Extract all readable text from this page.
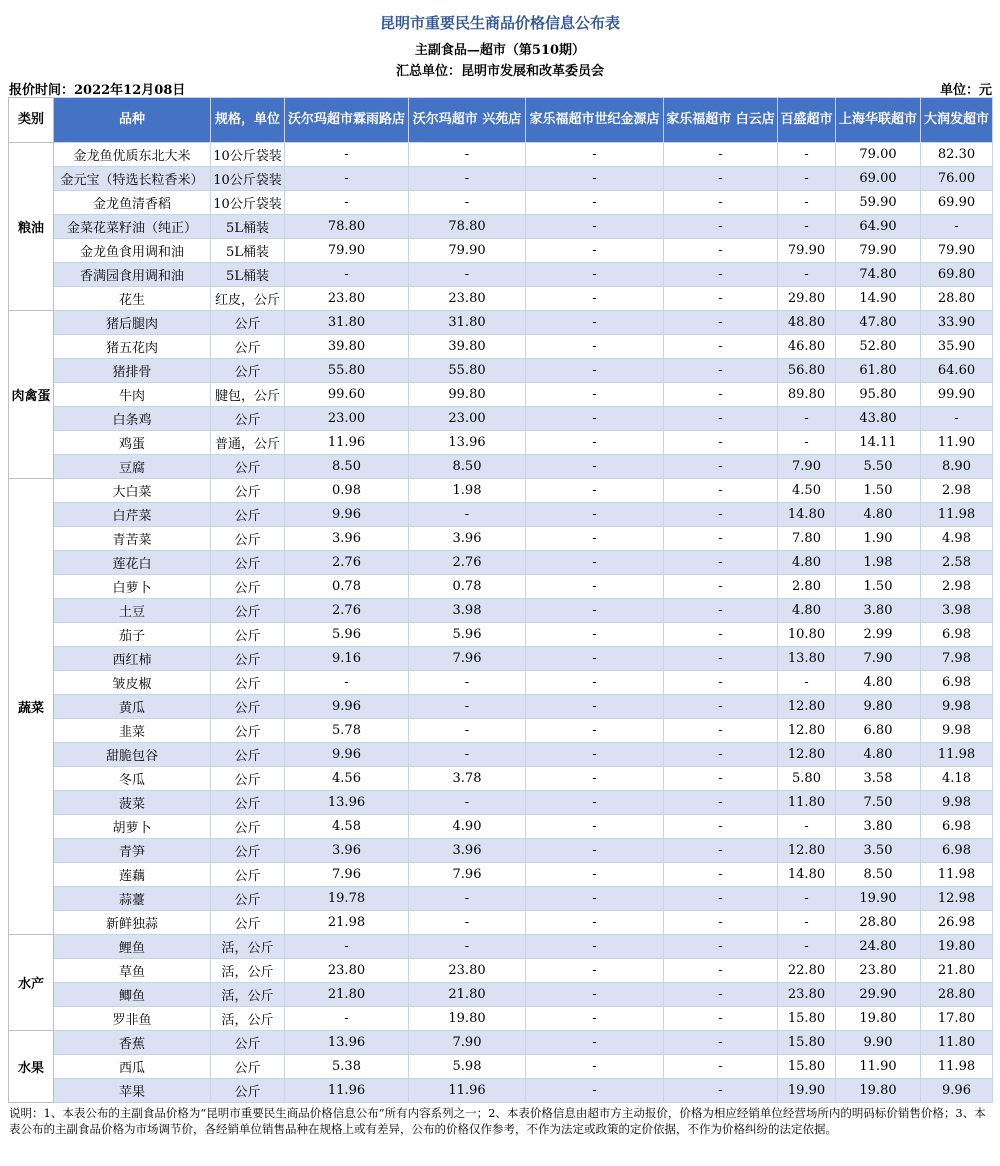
昆明市重要民生商品价格信息公布表
主副食品—超市（第510期）
汇总单位：昆明市发展和改革委员会
报价时间：2022年12月08日	单位：元
类别	品种	规格，单位	沃尔玛超市霖雨路店	沃尔玛超市 兴苑店	家乐福超市世纪金源店	家乐福超市 白云店	百盛超市	上海华联超市	大润发超市
粮油	金龙鱼优质东北大米	10公斤袋装	-	-	-	-	-	79.00	82.30
	金元宝（特选长粒香米）	10公斤袋装	-	-	-	-	-	69.00	76.00
	金龙鱼清香稻	10公斤袋装	-	-	-	-	-	59.90	69.90
	金菜花菜籽油（纯正）	5L桶装	78.80	78.80	-	-	-	64.90	-
	金龙鱼食用调和油	5L桶装	79.90	79.90	-	-	79.90	79.90	79.90
	香满园食用调和油	5L桶装	-	-	-	-	-	74.80	69.80
	花生	红皮，公斤	23.80	23.80	-	-	29.80	14.90	28.80
肉禽蛋	猪后腿肉	公斤	31.80	31.80	-	-	48.80	47.80	33.90
	猪五花肉	公斤	39.80	39.80	-	-	46.80	52.80	35.90
	猪排骨	公斤	55.80	55.80	-	-	56.80	61.80	64.60
	牛肉	腱包，公斤	99.60	99.80	-	-	89.80	95.80	99.90
	白条鸡	公斤	23.00	23.00	-	-	-	43.80	-
	鸡蛋	普通，公斤	11.96	13.96	-	-	-	14.11	11.90
	豆腐	公斤	8.50	8.50	-	-	7.90	5.50	8.90
蔬菜	大白菜	公斤	0.98	1.98	-	-	4.50	1.50	2.98
	白芹菜	公斤	9.96	-	-	-	14.80	4.80	11.98
	青苦菜	公斤	3.96	3.96	-	-	7.80	1.90	4.98
	莲花白	公斤	2.76	2.76	-	-	4.80	1.98	2.58
	白萝卜	公斤	0.78	0.78	-	-	2.80	1.50	2.98
	土豆	公斤	2.76	3.98	-	-	4.80	3.80	3.98
	茄子	公斤	5.96	5.96	-	-	10.80	2.99	6.98
	西红柿	公斤	9.16	7.96	-	-	13.80	7.90	7.98
	皱皮椒	公斤	-	-	-	-	-	4.80	6.98
	黄瓜	公斤	9.96	-	-	-	12.80	9.80	9.98
	韭菜	公斤	5.78	-	-	-	12.80	6.80	9.98
	甜脆包谷	公斤	9.96	-	-	-	12.80	4.80	11.98
	冬瓜	公斤	4.56	3.78	-	-	5.80	3.58	4.18
	菠菜	公斤	13.96	-	-	-	11.80	7.50	9.98
	胡萝卜	公斤	4.58	4.90	-	-	-	3.80	6.98
	青笋	公斤	3.96	3.96	-	-	12.80	3.50	6.98
	莲藕	公斤	7.96	7.96	-	-	14.80	8.50	11.98
	蒜薹	公斤	19.78	-	-	-	-	19.90	12.98
	新鲜独蒜	公斤	21.98	-	-	-	-	28.80	26.98
水产	鲤鱼	活，公斤	-	-	-	-	-	24.80	19.80
	草鱼	活，公斤	23.80	23.80	-	-	22.80	23.80	21.80
	鲫鱼	活，公斤	21.80	21.80	-	-	23.80	29.90	28.80
	罗非鱼	活，公斤	-	19.80	-	-	15.80	19.80	17.80
水果	香蕉	公斤	13.96	7.90	-	-	15.80	9.90	11.80
	西瓜	公斤	5.38	5.98	-	-	15.80	11.90	11.98
	苹果	公斤	11.96	11.96	-	-	19.90	19.80	9.96
说明：1、本表公布的主副食品价格为“昆明市重要民生商品价格信息公布”所有内容系列之一；2、本表价格信息由超市方主动报价，价格为相应经销单位经营场所内的明码标价销售价格；3、本表公布的主副食品价格为市场调节价，各经销单位销售品种在规格上或有差异，公布的价格仅作参考，不作为法定或政策的定价依据，不作为价格纠纷的法定依据。
